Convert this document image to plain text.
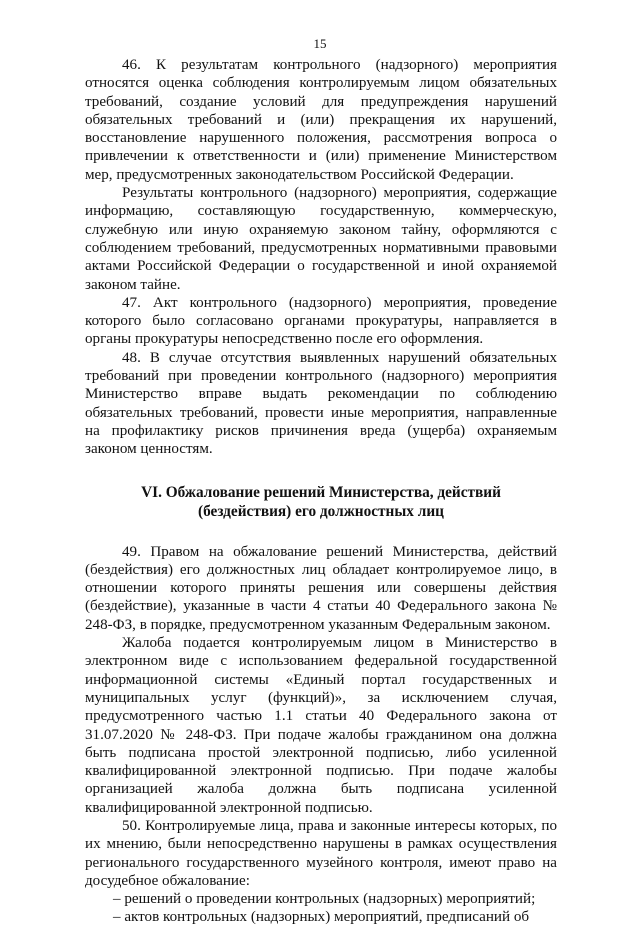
15

46. К результатам контрольного (надзорного) мероприятия относятся оценка соблюдения контролируемым лицом обязательных требований, создание условий для предупреждения нарушений обязательных требований и (или) прекращения их нарушений, восстановление нарушенного положения, рассмотрения вопроса о привлечении к ответственности и (или) применение Министерством мер, предусмотренных законодательством Российской Федерации.

Результаты контрольного (надзорного) мероприятия, содержащие информацию, составляющую государственную, коммерческую, служебную или иную охраняемую законом тайну, оформляются с соблюдением требований, предусмотренных нормативными правовыми актами Российской Федерации о государственной и иной охраняемой законом тайне.

47. Акт контрольного (надзорного) мероприятия, проведение которого было согласовано органами прокуратуры, направляется в органы прокуратуры непосредственно после его оформления.

48. В случае отсутствия выявленных нарушений обязательных требований при проведении контрольного (надзорного) мероприятия Министерство вправе выдать рекомендации по соблюдению обязательных требований, провести иные мероприятия, направленные на профилактику рисков причинения вреда (ущерба) охраняемым законом ценностям.

VI. Обжалование решений Министерства, действий
(бездействия) его должностных лиц

49. Правом на обжалование решений Министерства, действий (бездействия) его должностных лиц обладает контролируемое лицо, в отношении которого приняты решения или совершены действия (бездействие), указанные в части 4 статьи 40 Федерального закона № 248-ФЗ, в порядке, предусмотренном указанным Федеральным законом.

Жалоба подается контролируемым лицом в Министерство в электронном виде с использованием федеральной государственной информационной системы «Единый портал государственных и муниципальных услуг (функций)», за исключением случая, предусмотренного частью 1.1 статьи 40 Федерального закона от 31.07.2020 № 248-ФЗ. При подаче жалобы гражданином она должна быть подписана простой электронной подписью, либо усиленной квалифицированной электронной подписью. При подаче жалобы организацией жалоба должна быть подписана усиленной квалифицированной электронной подписью.

50. Контролируемые лица, права и законные интересы которых, по их мнению, были непосредственно нарушены в рамках осуществления регионального государственного музейного контроля, имеют право на досудебное обжалование:

– решений о проведении контрольных (надзорных) мероприятий;

– актов контрольных (надзорных) мероприятий, предписаний об
